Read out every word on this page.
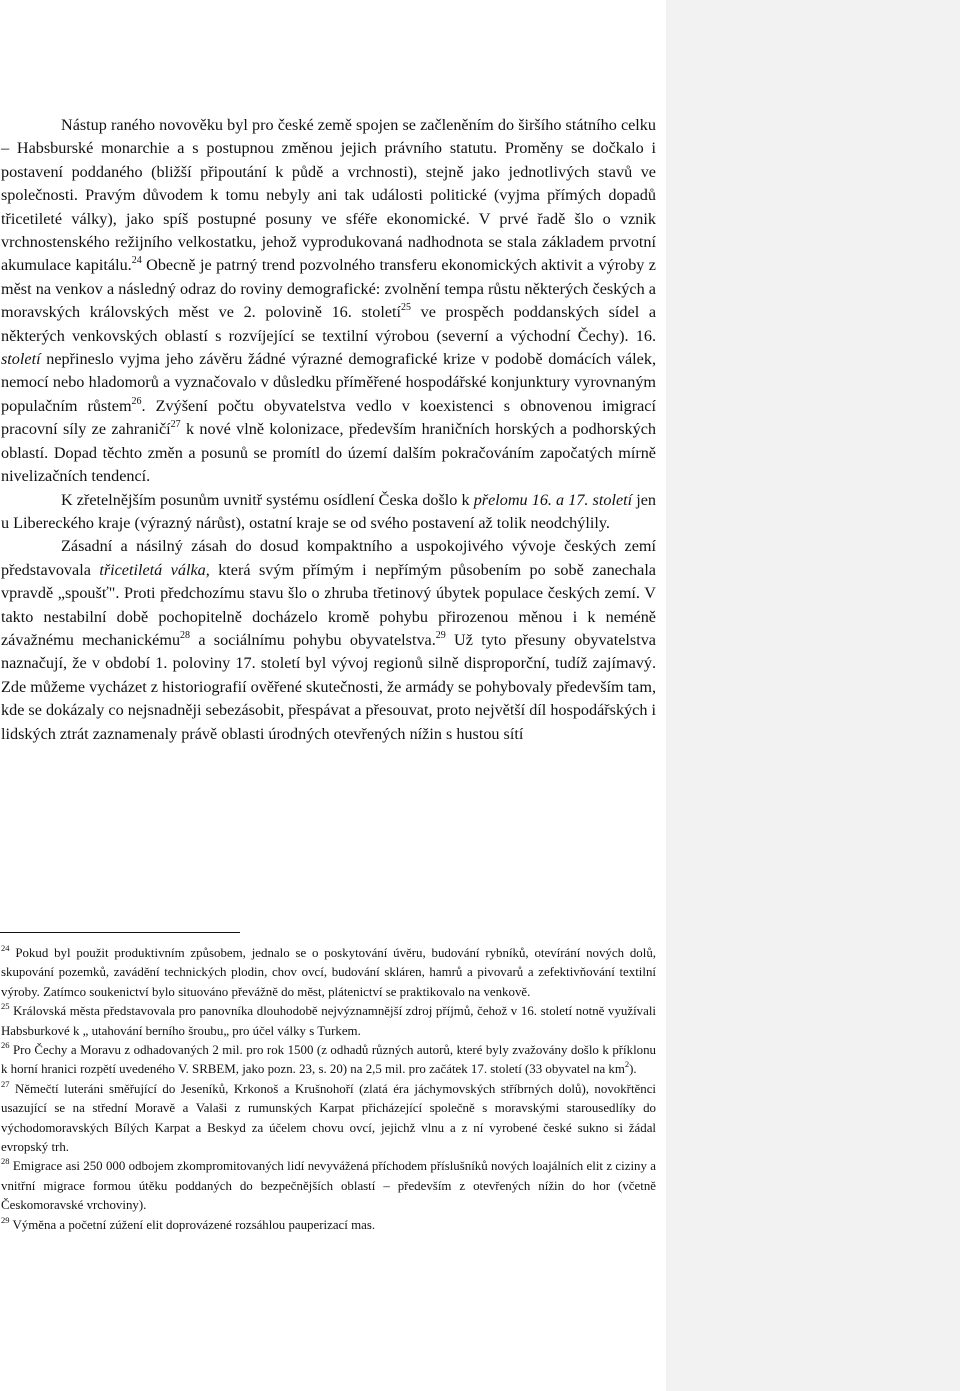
Nástup raného novověku byl pro české země spojen se začleněním do širšího státního celku – Habsburské monarchie a s postupnou změnou jejich právního statutu. Proměny se dočkalo i postavení poddaného (bližší připoutání k půdě a vrchnosti), stejně jako jednotlivých stavů ve společnosti. Pravým důvodem k tomu nebyly ani tak události politické (vyjma přímých dopadů třicetileté války), jako spíš postupné posuny ve sféře ekonomické. V prvé řadě šlo o vznik vrchnostenského režijního velkostatku, jehož vyprodukovaná nadhodnota se stala základem prvotní akumulace kapitálu.$^{24}$ Obecně je patrný trend pozvolného transferu ekonomických aktivit a výroby z měst na venkov a následný odraz do roviny demografické: zvolnění tempa růstu některých českých a moravských královských měst ve 2. polovině 16. století$^{25}$ ve prospěch poddanských sídel a některých venkovských oblastí s rozvíjející se textilní výrobou (severní a východní Čechy). 16. století nepřineslo vyjma jeho závěru žádné výrazné demografické krize v podobě domácích válek, nemocí nebo hladomorů a vyznačovalo v důsledku příměřené hospodářské konjunktury vyrovnaným populačním růstem$^{26}$. Zvýšení počtu obyvatelstva vedlo v koexistenci s obnovenou imigrací pracovní síly ze zahraničí$^{27}$ k nové vlně kolonizace, především hraničních horských a podhorských oblastí. Dopad těchto změn a posunů se promítl do území dalším pokračováním započatých mírně nivelizačních tendencí.

K zřetelnějším posunům uvnitř systému osídlení Česka došlo k přelomu 16. a 17. století jen u Libereckého kraje (výrazný nárůst), ostatní kraje se od svého postavení až tolik neodchýlily.

Zásadní a násilný zásah do dosud kompaktního a uspokojivého vývoje českých zemí představovala třicetiletá válka, která svým přímým i nepřímým působením po sobě zanechala vpravdě „spoušť". Proti předchozímu stavu šlo o zhruba třetinový úbytek populace českých zemí. V takto nestabilní době pochopitelně docházelo kromě pohybu přirozenou měnou i k neméně závažnému mechanickému$^{28}$ a sociálnímu pohybu obyvatelstva.$^{29}$ Už tyto přesuny obyvatelstva naznačují, že v období 1. poloviny 17. století byl vývoj regionů silně disproporční, tudíž zajímavý. Zde můžeme vycházet z historiografií ověřené skutečnosti, že armády se pohybovaly především tam, kde se dokázaly co nejsnadněji sebezásobit, přespávat a přesouvat, proto největší díl hospodářských i lidských ztrát zaznamenaly právě oblasti úrodných otevřených nížin s hustou sítí

$^{24}$ Pokud byl použit produktivním způsobem, jednalo se o poskytování úvěru, budování rybníků, otevírání nových dolů, skupování pozemků, zavádění technických plodin, chov ovcí, budování skláren, hamrů a pivovarů a zefektivňování textilní výroby. Zatímco soukenictví bylo situováno převážně do měst, plátenictví se praktikovalo na venkově.

$^{25}$ Královská města představovala pro panovníka dlouhodobě nejvýznamnější zdroj příjmů, čehož v 16. století notně využívali Habsburkové k „ utahování berního šroubu„ pro účel války s Turkem.

$^{26}$ Pro Čechy a Moravu z odhadovaných 2 mil. pro rok 1500 (z odhadů různých autorů, které byly zvažovány došlo k příklonu k horní hranici rozpětí uvedeného V. SRBEM, jako pozn. 23, s. 20) na 2,5 mil. pro začátek 17. století (33 obyvatel na $km^2$).

$^{27}$ Němečtí luteráni směřující do Jeseníků, Krkonoš a Krušnohoří (zlatá éra jáchymovských stříbrných dolů), novokřtěnci usazující se na střední Moravě a Valaši z rumunských Karpat přicházející společně s moravskými starousedlíky do východomoravských Bílých Karpat a Beskyd za účelem chovu ovcí, jejichž vlnu a z ní vyrobené české sukno si žádal evropský trh.

$^{28}$ Emigrace asi 250 000 odbojem zkompromitovaných lidí nevyvážená příchodem příslušníků nových loajálních elit z ciziny a vnitřní migrace formou útěku poddaných do bezpečnějších oblastí – především z otevřených nížin do hor (včetně Českomoravské vrchoviny).

$^{29}$ Výměna a početní zúžení elit doprovázené rozsáhlou pauperizací mas.
